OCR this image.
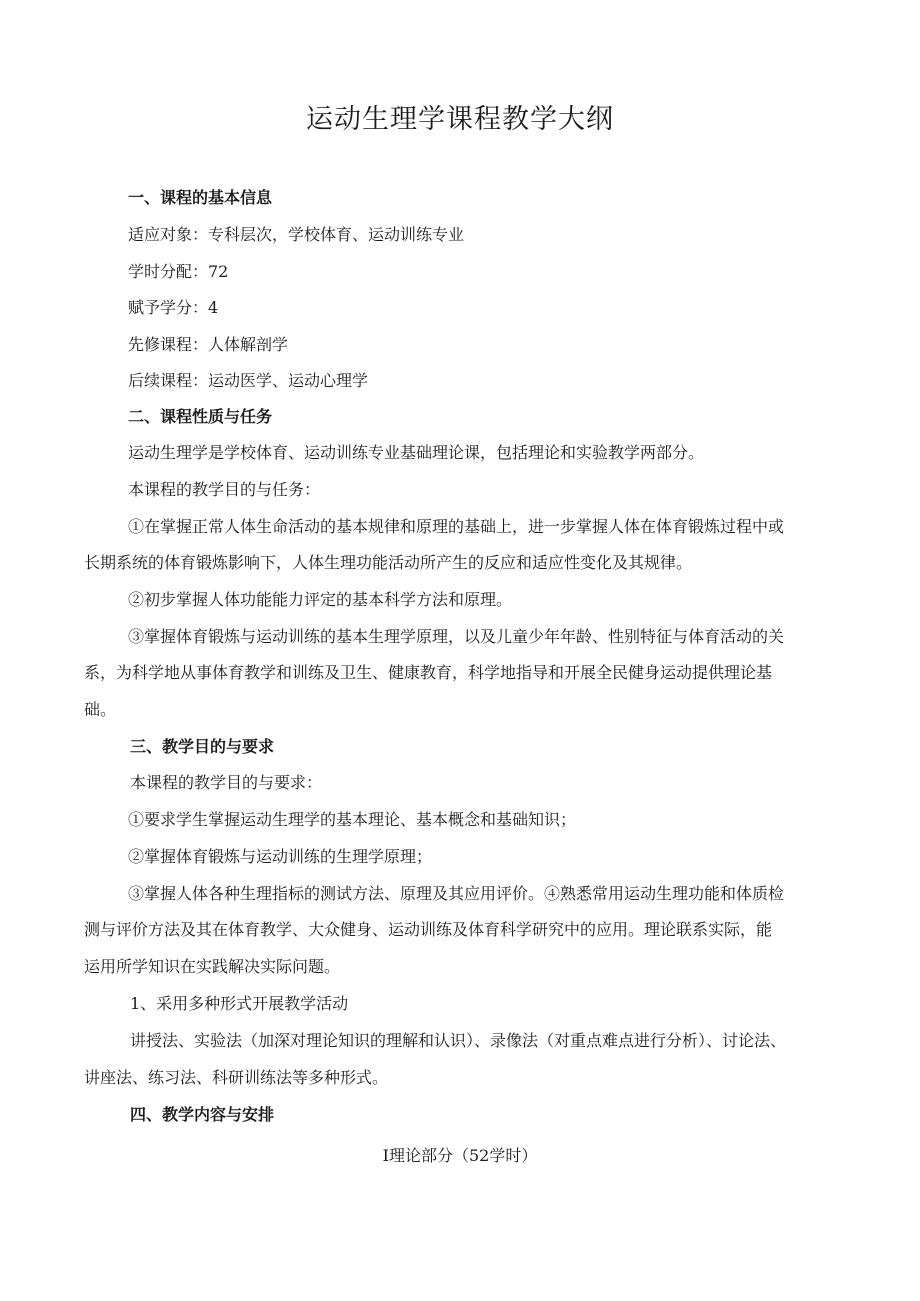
运动生理学课程教学大纲
一、课程的基本信息
适应对象：专科层次，学校体育、运动训练专业
学时分配：72
赋予学分：4
先修课程：人体解剖学
后续课程：运动医学、运动心理学
二、课程性质与任务
运动生理学是学校体育、运动训练专业基础理论课，包括理论和实验教学两部分。
本课程的教学目的与任务：
①在掌握正常人体生命活动的基本规律和原理的基础上，进一步掌握人体在体育锻炼过程中或
长期系统的体育锻炼影响下，人体生理功能活动所产生的反应和适应性变化及其规律。
②初步掌握人体功能能力评定的基本科学方法和原理。
③掌握体育锻炼与运动训练的基本生理学原理，以及儿童少年年龄、性别特征与体育活动的关
系，为科学地从事体育教学和训练及卫生、健康教育，科学地指导和开展全民健身运动提供理论基
础。
三、教学目的与要求
本课程的教学目的与要求：
①要求学生掌握运动生理学的基本理论、基本概念和基础知识；
②掌握体育锻炼与运动训练的生理学原理；
③掌握人体各种生理指标的测试方法、原理及其应用评价。④熟悉常用运动生理功能和体质检
测与评价方法及其在体育教学、大众健身、运动训练及体育科学研究中的应用。理论联系实际，能
运用所学知识在实践解决实际问题。
1、采用多种形式开展教学活动
讲授法、实验法（加深对理论知识的理解和认识）、录像法（对重点难点进行分析）、讨论法、
讲座法、练习法、科研训练法等多种形式。
四、教学内容与安排
I理论部分（52学时）
